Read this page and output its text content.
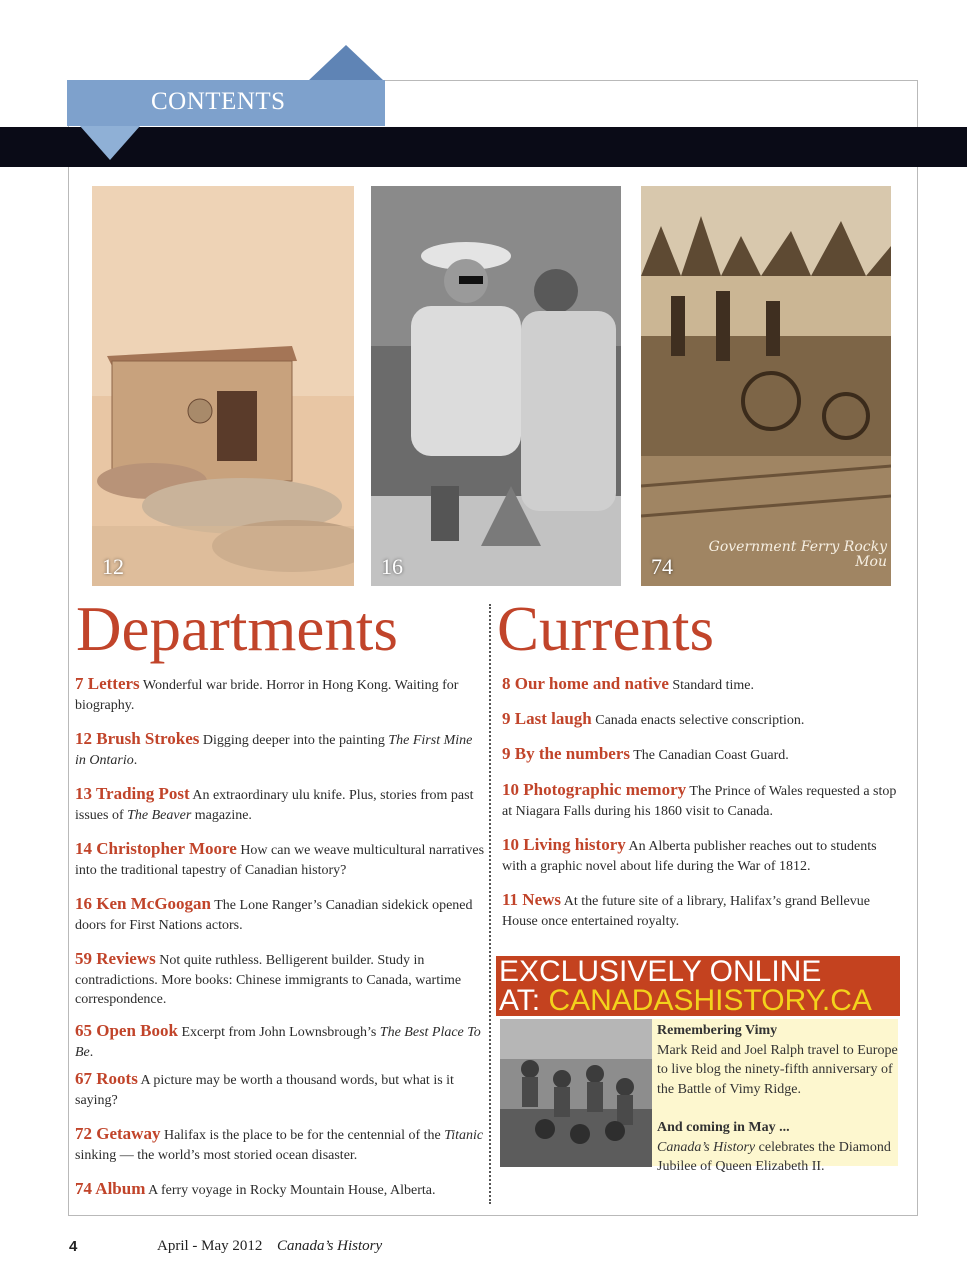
CONTENTS
12	16	74
Government Ferry Rocky Mou
Departments Currents
7 Letters Wonderful war bride. Horror in Hong Kong. Waiting for biography.
12 Brush Strokes Digging deeper into the painting The First Mine in Ontario.
13 Trading Post An extraordinary ulu knife. Plus, stories from past issues of The Beaver magazine.
14 Christopher Moore How can we weave multicultural narratives into the traditional tapestry of Canadian history?
16 Ken McGoogan The Lone Ranger’s Canadian sidekick opened doors for First Nations actors.
59 Reviews Not quite ruthless. Belligerent builder. Study in contradictions. More books: Chinese immigrants to Canada, wartime correspondence.
65 Open Book Excerpt from John Lownsbrough’s The Best Place To Be.
67 Roots A picture may be worth a thousand words, but what is it saying?
72 Getaway Halifax is the place to be for the centennial of the Titanic sinking — the world’s most storied ocean disaster.
74 Album A ferry voyage in Rocky Mountain House, Alberta.
8 Our home and native Standard time.
9 Last laugh Canada enacts selective conscription.
9 By the numbers The Canadian Coast Guard.
10 Photographic memory The Prince of Wales requested a stop at Niagara Falls during his 1860 visit to Canada.
10 Living history An Alberta publisher reaches out to students with a graphic novel about life during the War of 1812.
11 News At the future site of a library, Halifax’s grand Bellevue House once entertained royalty.
EXCLUSIVELY ONLINE
AT: CANADASHISTORY.CA
Remembering Vimy
Mark Reid and Joel Ralph travel to Europe to live blog the ninety-fifth anniversary of the Battle of Vimy Ridge.
And coming in May ...
Canada’s History celebrates the Diamond Jubilee of Queen Elizabeth II.
4	April - May 2012 Canada’s History
